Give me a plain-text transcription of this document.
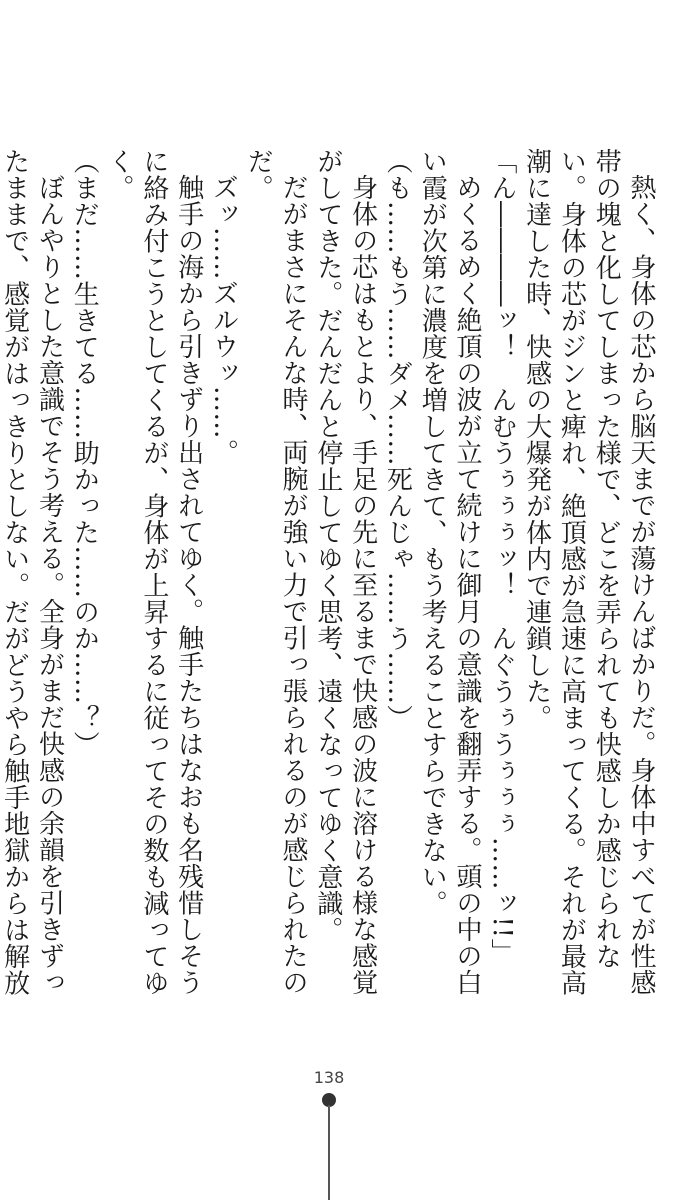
熱く、身体の芯から脳天までが蕩けんばかりだ。身体中すべてが性感帯の塊と化してしまった様で、どこを弄られても快感しか感じられない。身体の芯がジンと痺れ、絶頂感が急速に高まってくる。それが最高潮に達した時、快感の大爆発が体内で連鎖した。

「ん――――ッ！　んむうぅぅぅッ！　んぐうぅうぅぅぅ……ッ!!」

めくるめく絶頂の波が立て続けに御月の意識を翻弄する。頭の中の白い霞が次第に濃度を増してきて、もう考えることすらできない。

（も……もう……ダメ……死んじゃ……う……）

身体の芯はもとより、手足の先に至るまで快感の波に溶ける様な感覚がしてきた。だんだんと停止してゆく思考、遠くなってゆく意識。

だがまさにそんな時、両腕が強い力で引っ張られるのが感じられたのだ。

ズッ……ズルウッ……。

触手の海から引きずり出されてゆく。触手たちはなおも名残惜しそうに絡み付こうとしてくるが、身体が上昇するに従ってその数も減ってゆく。

（まだ……生きてる……助かった……のか……？）

ぼんやりとした意識でそう考える。全身がまだ快感の余韻を引きずったままで、感覚がはっきりとしない。だがどうやら触手地獄からは解放

138
